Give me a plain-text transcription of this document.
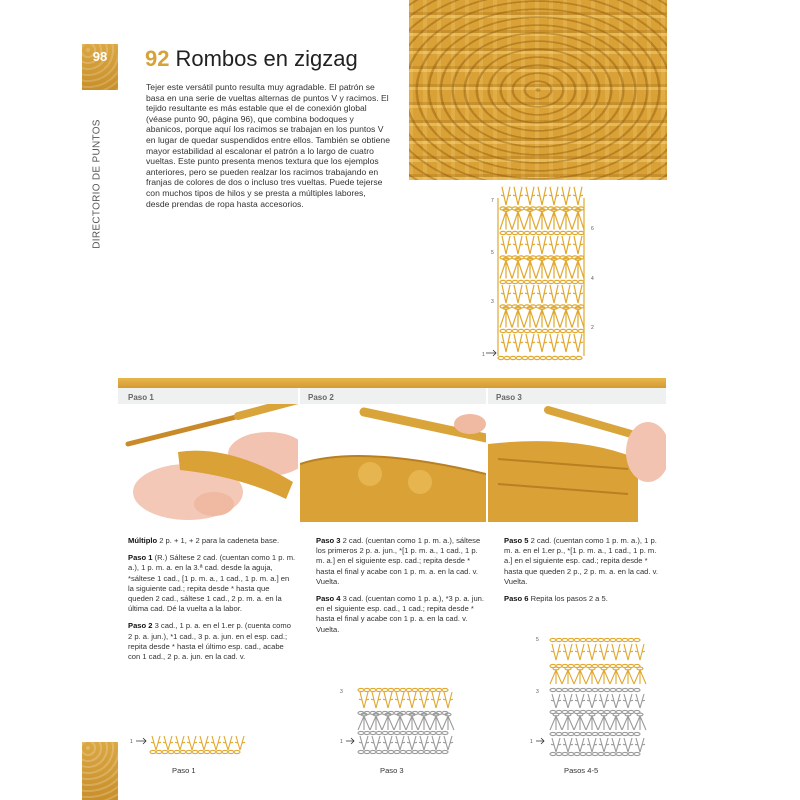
98
DIRECTORIO DE PUNTOS
92 Rombos en zigzag
Tejer este versátil punto resulta muy agradable. El patrón se basa en una serie de vueltas alternas de puntos V y racimos. El tejido resultante es más estable que el de conexión global (véase punto 90, página 96), que combina bodoques y abanicos, porque aquí los racimos se trabajan en los puntos V en lugar de quedar suspendidos entre ellos. También se obtiene mayor estabilidad al escalonar el patrón a lo largo de cuatro vueltas. Este punto presenta menos textura que los ejemplos anteriores, pero se pueden realzar los racimos trabajando en franjas de colores de dos o incluso tres vueltas. Puede tejerse con muchos tipos de hilos y se presta a múltiples labores, desde prendas de ropa hasta accesorios.	7
6
5
4
3
2
1
Paso 1	Paso 2	Paso 3

Múltiplo 2 p. + 1, + 2 para la cadeneta base.

Paso 1 (R.) Sáltese 2 cad. (cuentan como 1 p. m. a.), 1 p. m. a. en la 3.ª cad. desde la aguja, *sáltese 1 cad., [1 p. m. a., 1 cad., 1 p. m. a.] en la siguiente cad.; repita desde * hasta que queden 2 cad., sáltese 1 cad., 2 p. m. a. en la última cad. Dé la vuelta a la labor.

Paso 2 3 cad., 1 p. a. en el 1.er p. (cuenta como 2 p. a. jun.), *1 cad., 3 p. a. jun. en el esp. cad.; repita desde * hasta el último esp. cad., acabe con 1 cad., 2 p. a. jun. en la cad. v.

Paso 3 2 cad. (cuentan como 1 p. m. a.), sáltese los primeros 2 p. a. jun., *[1 p. m. a., 1 cad., 1 p. m. a.] en el siguiente esp. cad.; repita desde * hasta el final y acabe con 1 p. m. a. en la cad. v. Vuelta.

Paso 4 3 cad. (cuentan como 1 p. a.), *3 p. a. jun. en el siguiente esp. cad., 1 cad.; repita desde * hasta el final y acabe con 1 p. a. en la cad. v. Vuelta.

Paso 5 2 cad. (cuentan como 1 p. m. a.), 1 p. m. a. en el 1.er p., *[1 p. m. a., 1 cad., 1 p. m. a.] en el siguiente esp. cad.; repita desde * hasta que queden 2 p., 2 p. m. a. en la cad. v. Vuelta.

Paso 6 Repita los pasos 2 a 5.

1
Paso 1
3
1
Paso 3
5
3
1
Pasos 4-5
